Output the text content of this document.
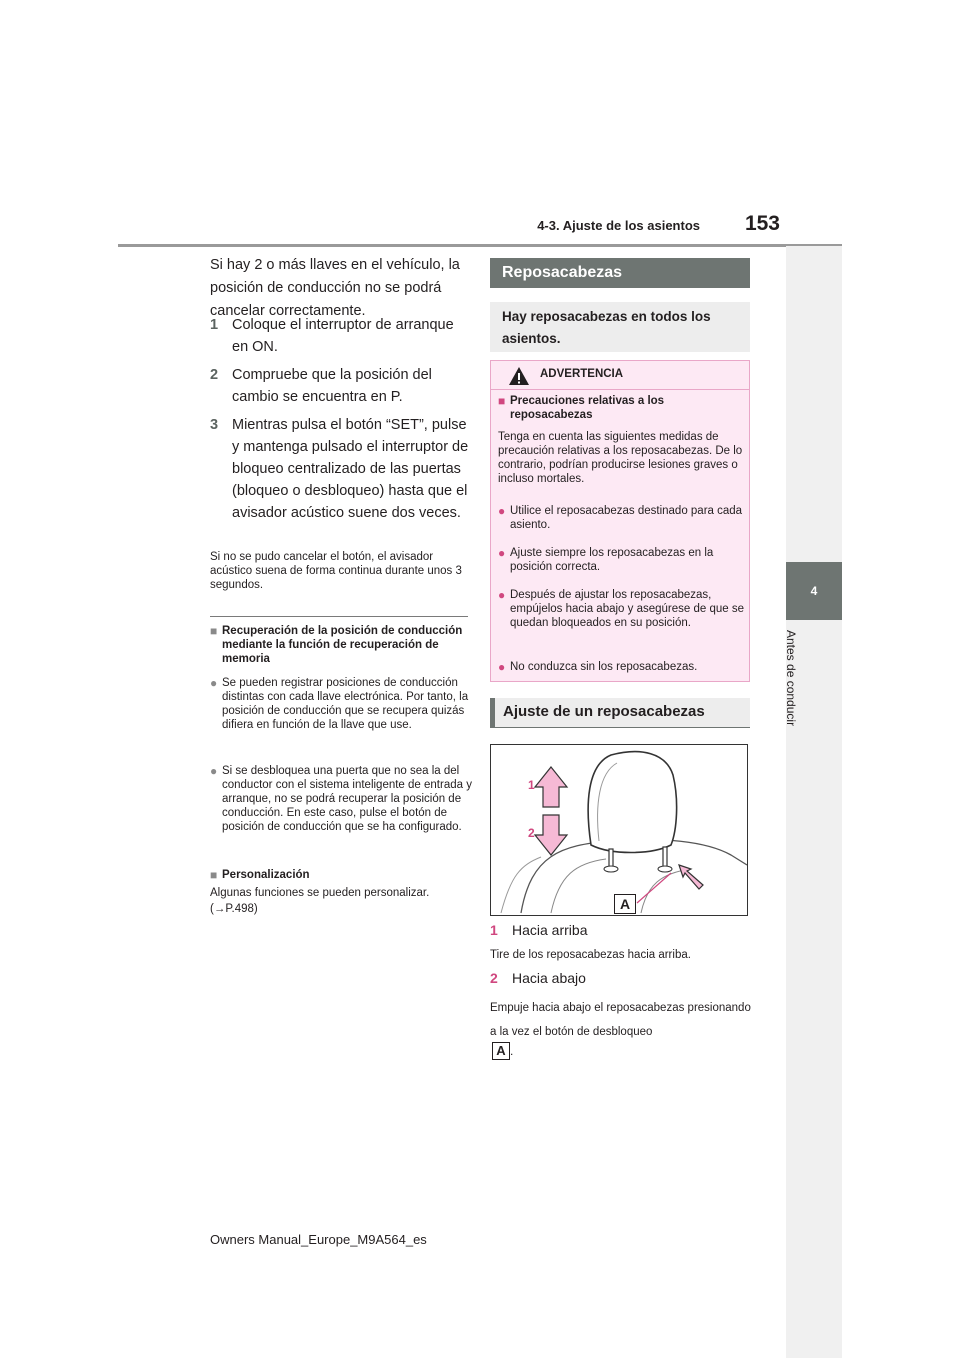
4-3. Ajuste de los asientos	153
4
Antes de conducir
Si hay 2 o más llaves en el vehículo, la posición de conducción no se podrá cancelar correctamente.
1 Coloque el interruptor de arranque en ON.
2 Compruebe que la posición del cambio se encuentra en P.
3 Mientras pulsa el botón “SET”, pulse y mantenga pulsado el interruptor de bloqueo centralizado de las puertas (bloqueo o desbloqueo) hasta que el avisador acústico suene dos veces.
Si no se pudo cancelar el botón, el avisador acústico suena de forma continua durante unos 3 segundos.
■ Recuperación de la posición de conducción mediante la función de recuperación de memoria
● Se pueden registrar posiciones de conducción distintas con cada llave electrónica. Por tanto, la posición de conducción que se recupera quizás difiera en función de la llave que use.
● Si se desbloquea una puerta que no sea la del conductor con el sistema inteligente de entrada y arranque, no se podrá recuperar la posición de conducción. En este caso, pulse el botón de posición de conducción que se ha configurado.
■ Personalización
Algunas funciones se pueden personalizar.
(→P.498)
Reposacabezas
Hay reposacabezas en todos los asientos.
ADVERTENCIA
■ Precauciones relativas a los reposacabezas
Tenga en cuenta las siguientes medidas de precaución relativas a los reposacabezas. De lo contrario, podrían producirse lesiones graves o incluso mortales.
● Utilice el reposacabezas destinado para cada asiento.
● Ajuste siempre los reposacabezas en la posición correcta.
● Después de ajustar los reposacabezas, empújelos hacia abajo y asegúrese de que se quedan bloqueados en su posición.
● No conduzca sin los reposacabezas.
Ajuste de un reposacabezas
1
2
A
1 Hacia arriba
Tire de los reposacabezas hacia arriba.
2 Hacia abajo
Empuje hacia abajo el reposacabezas presionando a la vez el botón de desbloqueo
A .
Owners Manual_Europe_M9A564_es
